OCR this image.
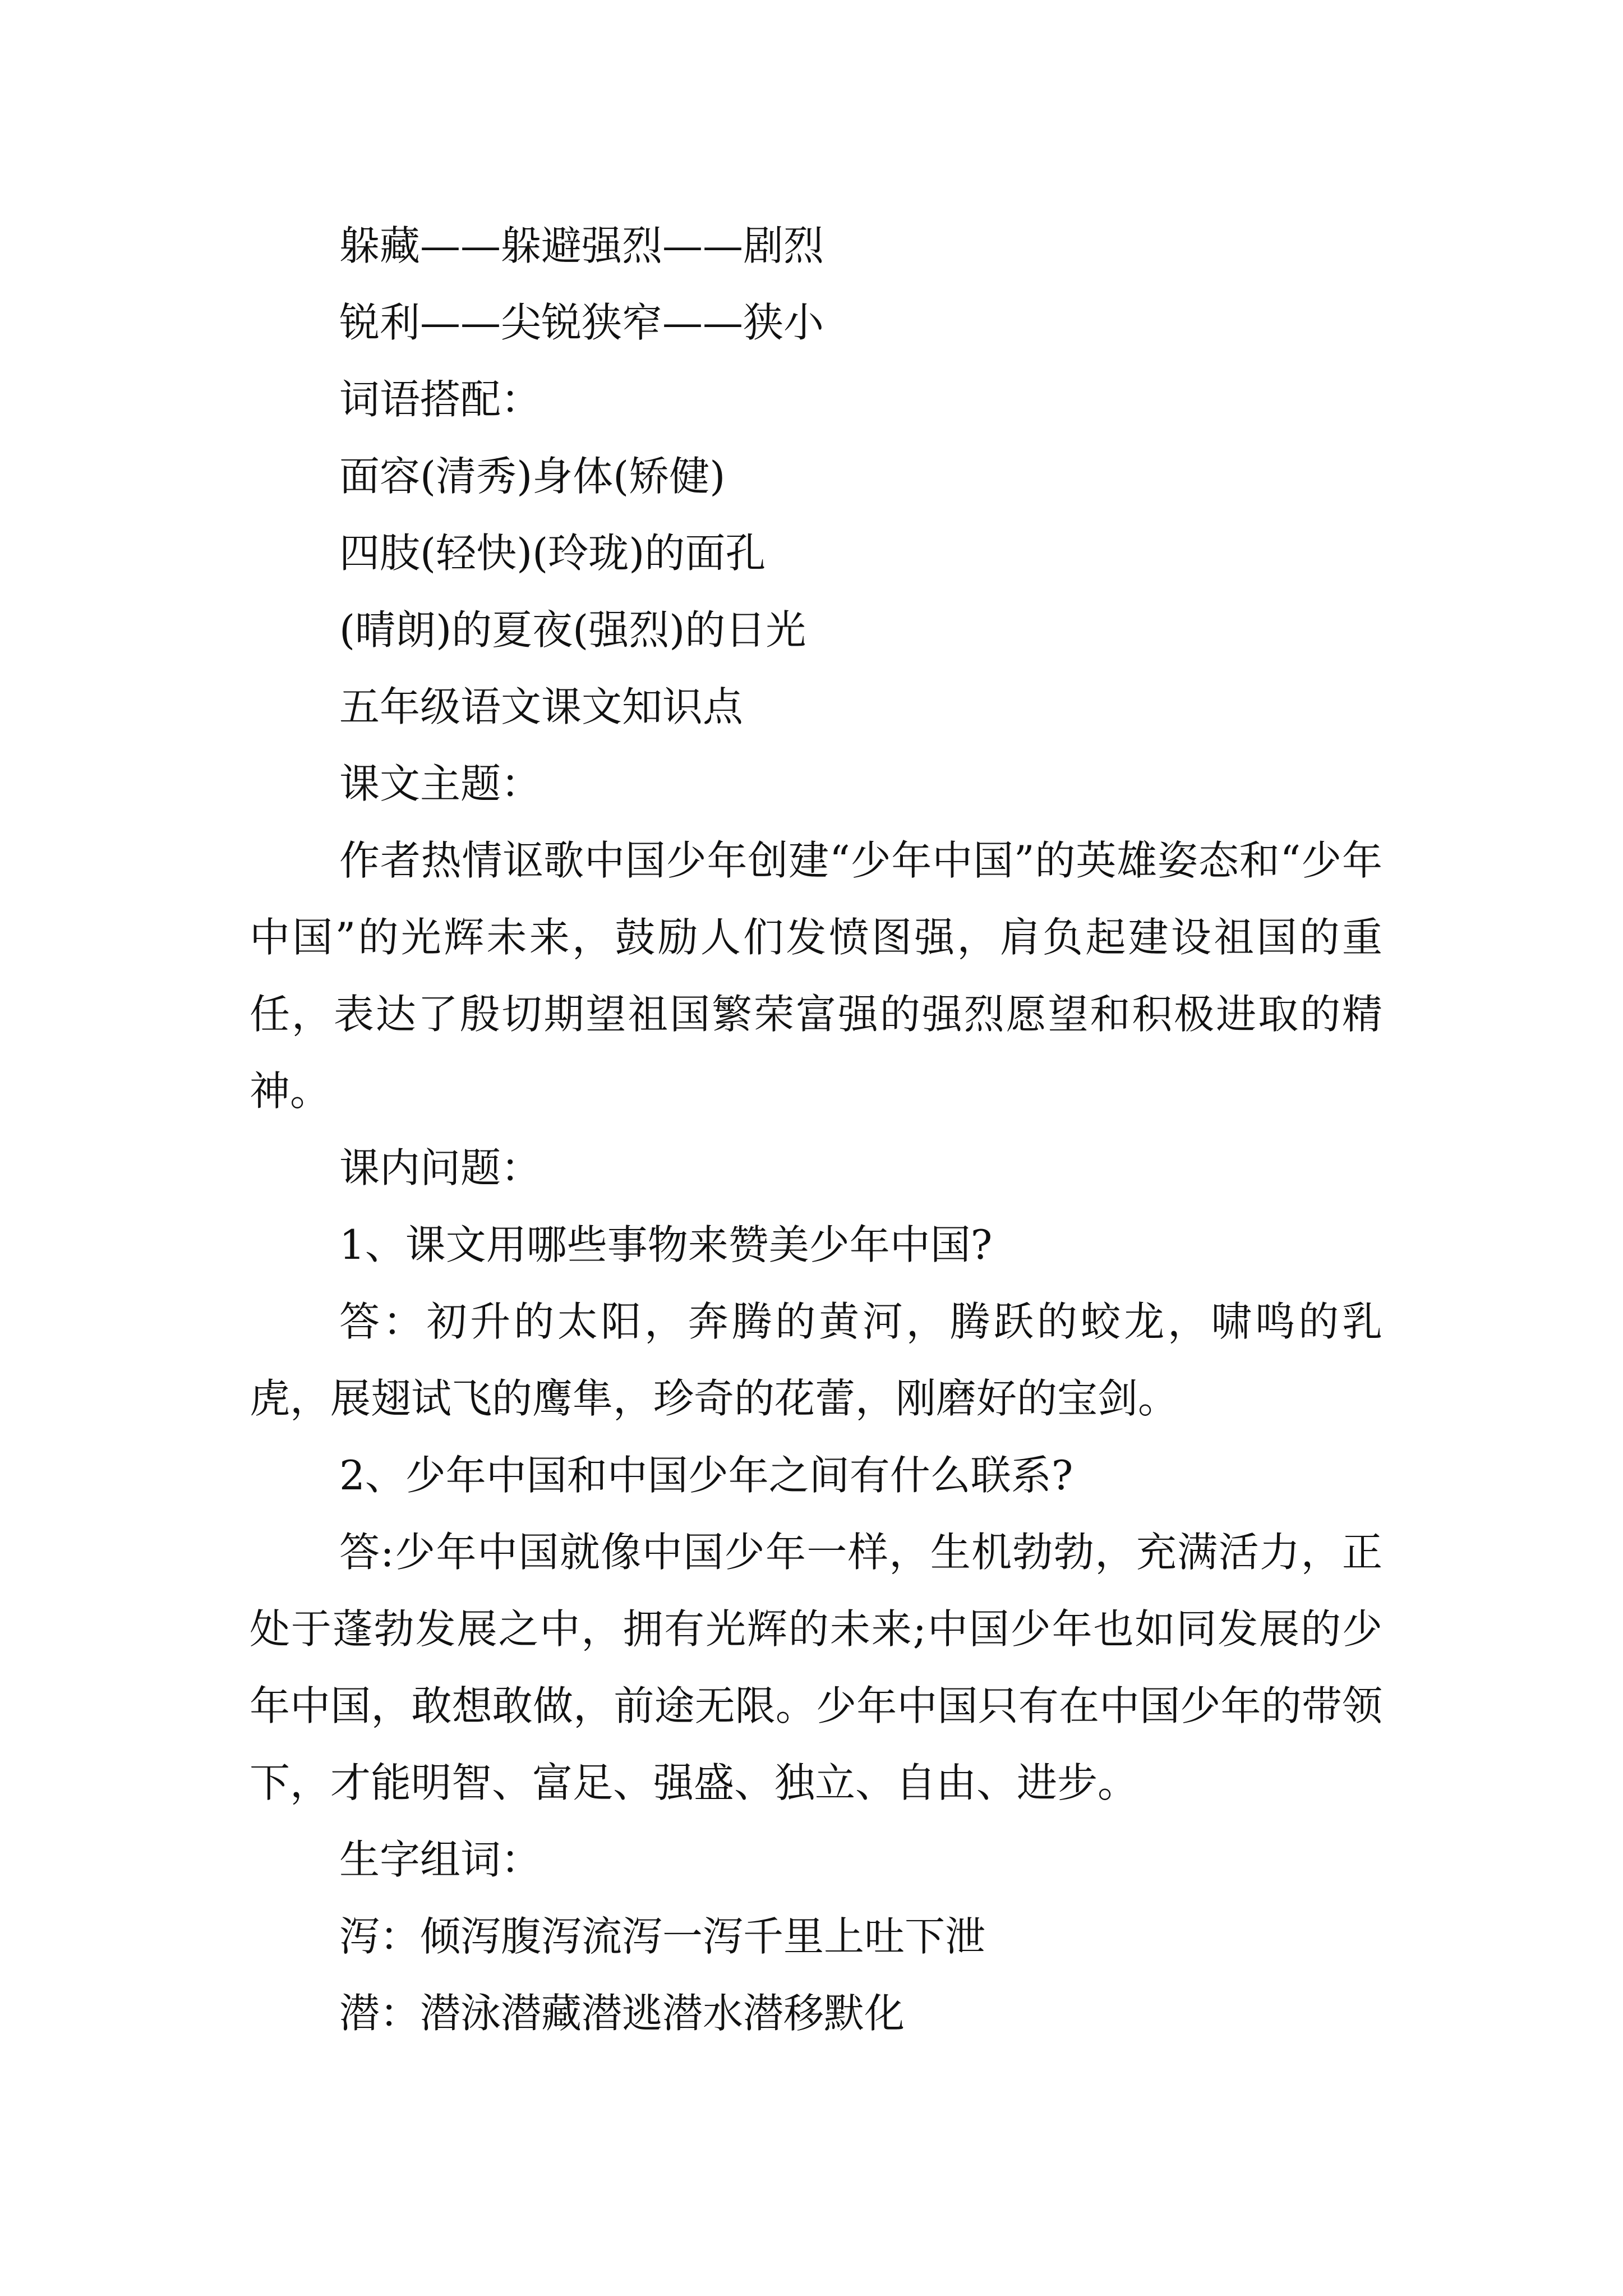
躲藏——躲避强烈——剧烈

锐利——尖锐狭窄——狭小

词语搭配：

面容(清秀)身体(矫健)

四肢(轻快)(玲珑)的面孔

(晴朗)的夏夜(强烈)的日光

五年级语文课文知识点

课文主题：

作者热情讴歌中国少年创建“少年中国”的英雄姿态和“少年中国”的光辉未来，鼓励人们发愤图强，肩负起建设祖国的重任，表达了殷切期望祖国繁荣富强的强烈愿望和积极进取的精神。

课内问题：

1、课文用哪些事物来赞美少年中国?

答：初升的太阳，奔腾的黄河，腾跃的蛟龙，啸鸣的乳虎，展翅试飞的鹰隼，珍奇的花蕾，刚磨好的宝剑。

2、少年中国和中国少年之间有什么联系?

答:少年中国就像中国少年一样，生机勃勃，充满活力，正处于蓬勃发展之中，拥有光辉的未来;中国少年也如同发展的少年中国，敢想敢做，前途无限。少年中国只有在中国少年的带领下，才能明智、富足、强盛、独立、自由、进步。

生字组词：

泻：倾泻腹泻流泻一泻千里上吐下泄

潜：潜泳潜藏潜逃潜水潜移默化
